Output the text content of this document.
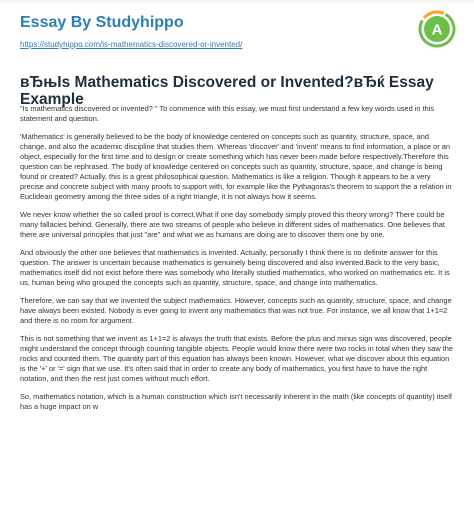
Essay By Studyhippo
https://studyhippo.com/is-mathematics-discovered-or-invented/
A
вЂњIs Mathematics Discovered or Invented?вЂќ Essay Example

"Is mathematics discovered or invented? " To commence with this essay, we must first understand a few key words used in this statement and question.

'Mathematics' is generally believed to be the body of knowledge centered on concepts such as quantity, structure, space, and change, and also the academic discipline that studies them. Whereas 'discover' and 'invent' means to find information, a place or an object, especially for the first time and to design or create something which has never been made before respectively.Therefore this question can be rephrased. The body of knowledge centered on concepts such as quantity, structure, space, and change is being found or created? Actually, this is a great philosophical question. Mathematics is like a religion. Though it appears to be a very precise and concrete subject with many proofs to support with, for example like the Pythagoras's theorem to support the a relation in Euclidean geometry among the three sides of a right triangle, it is not always how it seems.

We never know whether the so called proof is correct.What if one day somebody simply proved this theory wrong? There could be many fallacies behind. Generally, there are two streams of people who believe in different sides of mathematics. One believes that there are universal principles that just "are" and what we as humans are doing are to discover them one by one.

And obviously the other one believes that mathematics is invented. Actually, personally I think there is no definite answer for this question. The answer is uncertain because mathematics is genuinely being discovered and also invented.Back to the very basic, mathematics itself did not exist before there was somebody who literally studied mathematics, who worked on mathematics etc. It is us, human being who grouped the concepts such as quantity, structure, space, and change into mathematics.

Therefore, we can say that we invented the subject mathematics. However, concepts such as quantity, structure, space, and change have always been existed. Nobody is ever going to invent any mathematics that was not true. For instance, we all know that 1+1=2 and there is no room for argument.

This is not something that we invent as 1+1=2 is always the truth that exists. Before the plus and minus sign was discovered, people might understand the concept through counting tangible objects. People would know there were two rocks in total when they saw the rocks and counted them. The quantity part of this equation has always been known. However, what we discover about this equation is the '+' or '=' sign that we use. It's often said that in order to create any body of mathematics, you first have to have the right notation, and then the rest just comes without much effort.

So, mathematics notation, which is a human construction which isn't necessarily inherent in the math (like concepts of quantity) itself has a huge impact on w
